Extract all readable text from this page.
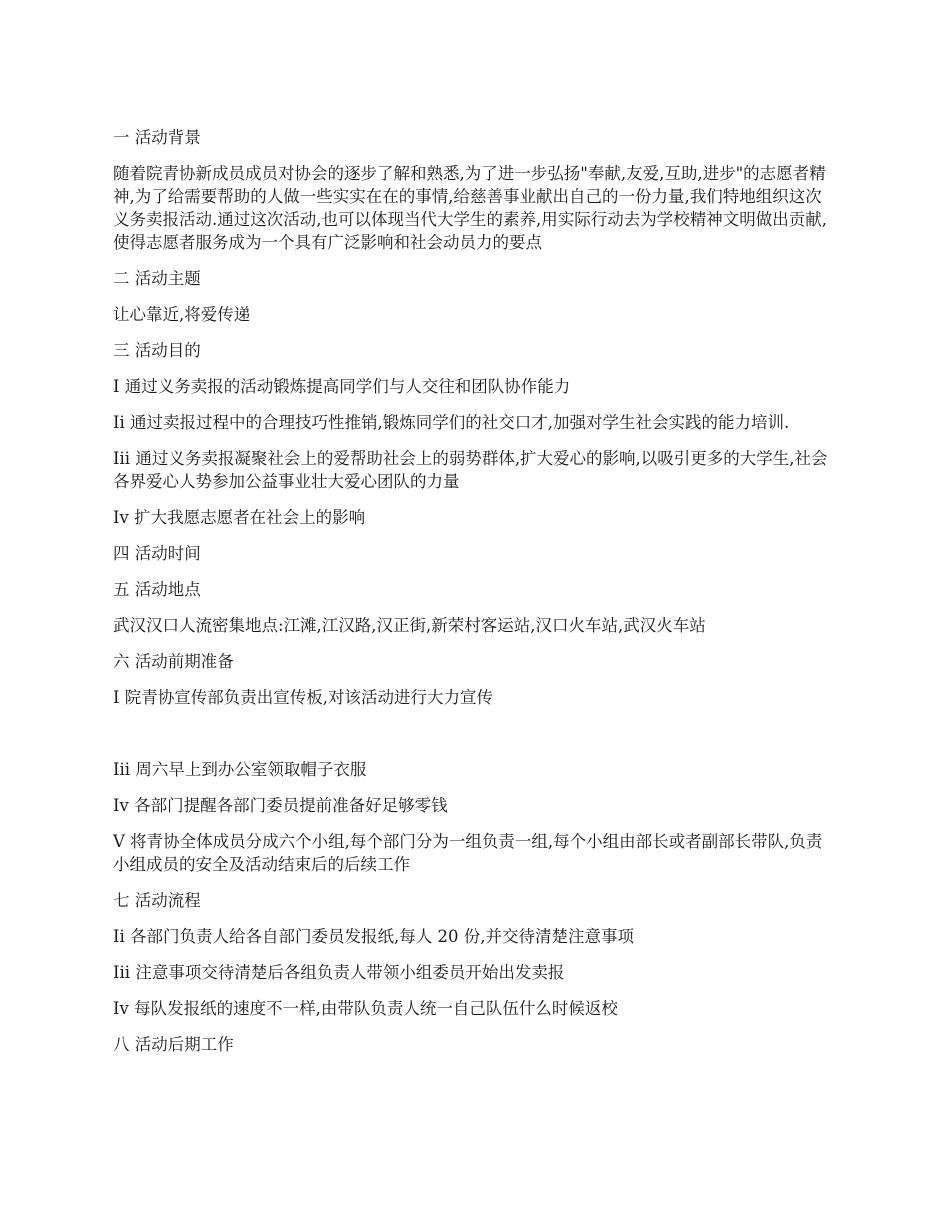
一 活动背景

随着院青协新成员成员对协会的逐步了解和熟悉,为了进一步弘扬"奉献,友爱,互助,进步"的志愿者精神,为了给需要帮助的人做一些实实在在的事情,给慈善事业献出自己的一份力量,我们特地组织这次义务卖报活动.通过这次活动,也可以体现当代大学生的素养,用实际行动去为学校精神文明做出贡献,使得志愿者服务成为一个具有广泛影响和社会动员力的要点

二 活动主题

让心靠近,将爱传递

三 活动目的

I 通过义务卖报的活动锻炼提高同学们与人交往和团队协作能力

Ii 通过卖报过程中的合理技巧性推销,锻炼同学们的社交口才,加强对学生社会实践的能力培训.

Iii 通过义务卖报凝聚社会上的爱帮助社会上的弱势群体,扩大爱心的影响,以吸引更多的大学生,社会各界爱心人势参加公益事业壮大爱心团队的力量

Iv 扩大我愿志愿者在社会上的影响

四 活动时间

五 活动地点

武汉汉口人流密集地点:江滩,江汉路,汉正街,新荣村客运站,汉口火车站,武汉火车站

六 活动前期准备

I 院青协宣传部负责出宣传板,对该活动进行大力宣传

Iii 周六早上到办公室领取帽子衣服

Iv 各部门提醒各部门委员提前准备好足够零钱

V 将青协全体成员分成六个小组,每个部门分为一组负责一组,每个小组由部长或者副部长带队,负责小组成员的安全及活动结束后的后续工作

七 活动流程

Ii 各部门负责人给各自部门委员发报纸,每人 20 份,并交待清楚注意事项

Iii 注意事项交待清楚后各组负责人带领小组委员开始出发卖报

Iv 每队发报纸的速度不一样,由带队负责人统一自己队伍什么时候返校

八 活动后期工作
